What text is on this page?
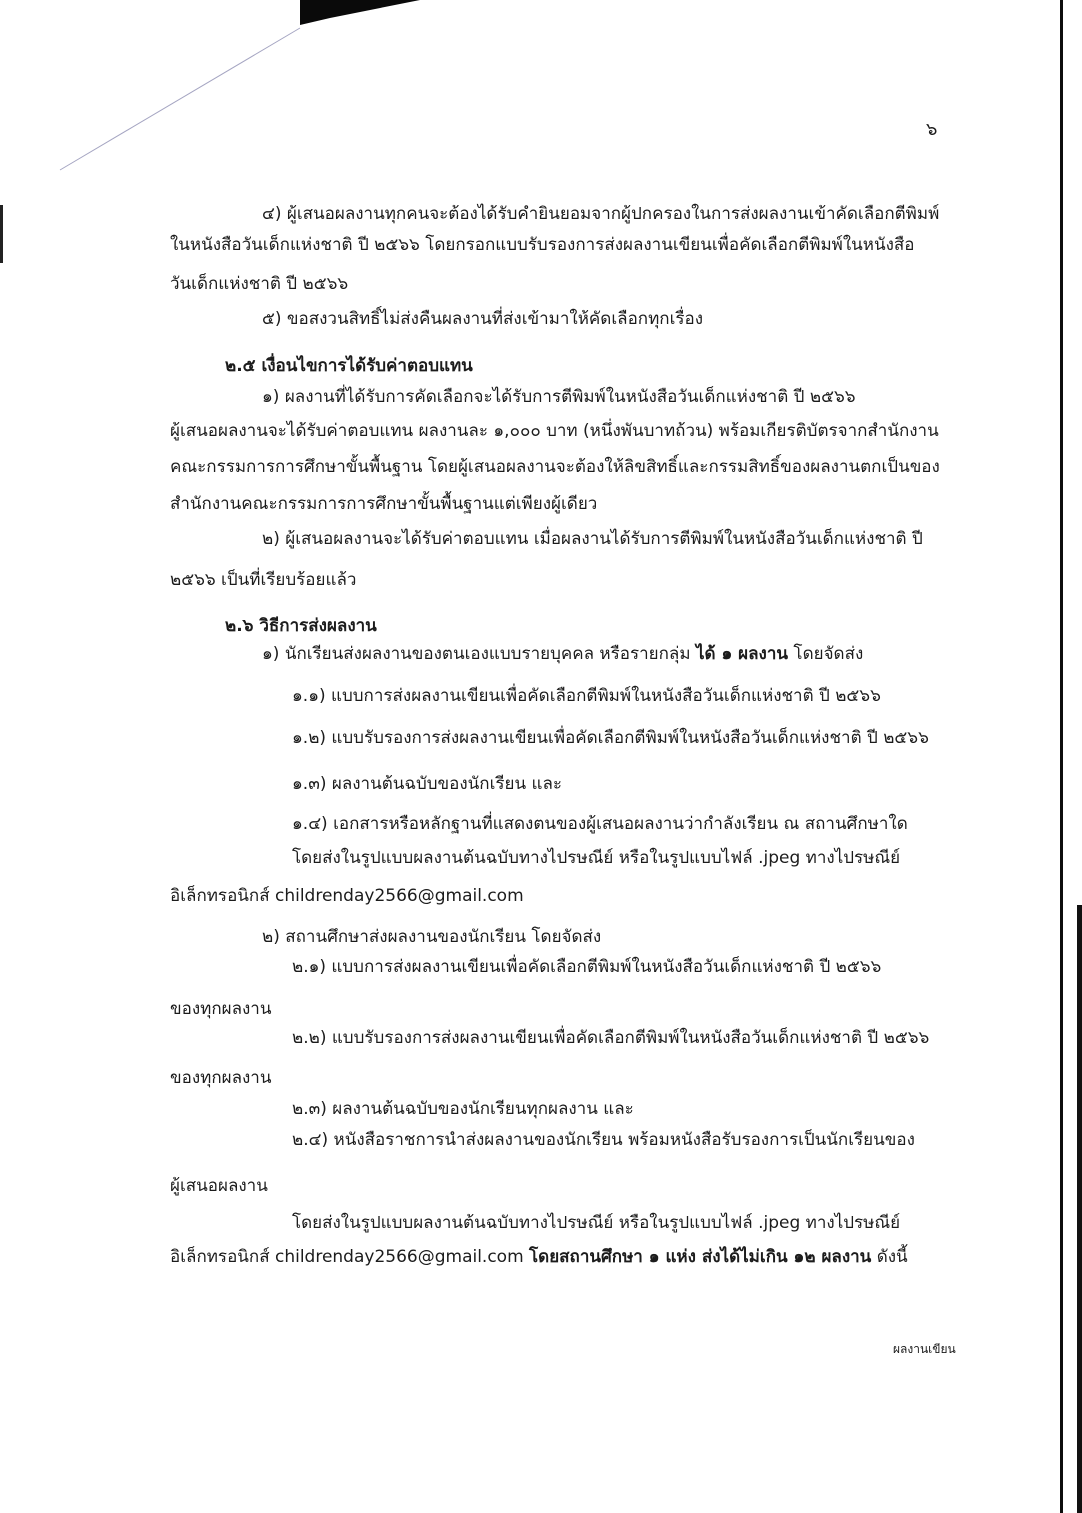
๖
๔) ผู้เสนอผลงานทุกคนจะต้องได้รับคำยินยอมจากผู้ปกครองในการส่งผลงานเข้าคัดเลือกตีพิมพ์
ในหนังสือวันเด็กแห่งชาติ ปี ๒๕๖๖ โดยกรอกแบบรับรองการส่งผลงานเขียนเพื่อคัดเลือกตีพิมพ์ในหนังสือ
วันเด็กแห่งชาติ ปี ๒๕๖๖
๕) ขอสงวนสิทธิ์ไม่ส่งคืนผลงานที่ส่งเข้ามาให้คัดเลือกทุกเรื่อง
๒.๕ เงื่อนไขการได้รับค่าตอบแทน
๑) ผลงานที่ได้รับการคัดเลือกจะได้รับการตีพิมพ์ในหนังสือวันเด็กแห่งชาติ ปี ๒๕๖๖
ผู้เสนอผลงานจะได้รับค่าตอบแทน ผลงานละ ๑,๐๐๐ บาท (หนึ่งพันบาทถ้วน) พร้อมเกียรติบัตรจากสำนักงาน
คณะกรรมการการศึกษาขั้นพื้นฐาน โดยผู้เสนอผลงานจะต้องให้ลิขสิทธิ์และกรรมสิทธิ์ของผลงานตกเป็นของ
สำนักงานคณะกรรมการการศึกษาขั้นพื้นฐานแต่เพียงผู้เดียว
๒) ผู้เสนอผลงานจะได้รับค่าตอบแทน เมื่อผลงานได้รับการตีพิมพ์ในหนังสือวันเด็กแห่งชาติ ปี
๒๕๖๖ เป็นที่เรียบร้อยแล้ว
๒.๖ วิธีการส่งผลงาน
๑) นักเรียนส่งผลงานของตนเองแบบรายบุคคล หรือรายกลุ่ม ได้ ๑ ผลงาน โดยจัดส่ง
๑.๑) แบบการส่งผลงานเขียนเพื่อคัดเลือกตีพิมพ์ในหนังสือวันเด็กแห่งชาติ ปี ๒๕๖๖
๑.๒) แบบรับรองการส่งผลงานเขียนเพื่อคัดเลือกตีพิมพ์ในหนังสือวันเด็กแห่งชาติ ปี ๒๕๖๖
๑.๓) ผลงานต้นฉบับของนักเรียน และ
๑.๔) เอกสารหรือหลักฐานที่แสดงตนของผู้เสนอผลงานว่ากำลังเรียน ณ สถานศึกษาใด
โดยส่งในรูปแบบผลงานต้นฉบับทางไปรษณีย์ หรือในรูปแบบไฟล์ .jpeg ทางไปรษณีย์
อิเล็กทรอนิกส์ childrenday2566@gmail.com
๒) สถานศึกษาส่งผลงานของนักเรียน โดยจัดส่ง
๒.๑) แบบการส่งผลงานเขียนเพื่อคัดเลือกตีพิมพ์ในหนังสือวันเด็กแห่งชาติ ปี ๒๕๖๖
ของทุกผลงาน
๒.๒) แบบรับรองการส่งผลงานเขียนเพื่อคัดเลือกตีพิมพ์ในหนังสือวันเด็กแห่งชาติ ปี ๒๕๖๖
ของทุกผลงาน
๒.๓) ผลงานต้นฉบับของนักเรียนทุกผลงาน และ
๒.๔) หนังสือราชการนำส่งผลงานของนักเรียน พร้อมหนังสือรับรองการเป็นนักเรียนของ
ผู้เสนอผลงาน
โดยส่งในรูปแบบผลงานต้นฉบับทางไปรษณีย์ หรือในรูปแบบไฟล์ .jpeg ทางไปรษณีย์
อิเล็กทรอนิกส์ childrenday2566@gmail.com โดยสถานศึกษา ๑ แห่ง ส่งได้ไม่เกิน ๑๒ ผลงาน ดังนี้
ผลงานเขียน
